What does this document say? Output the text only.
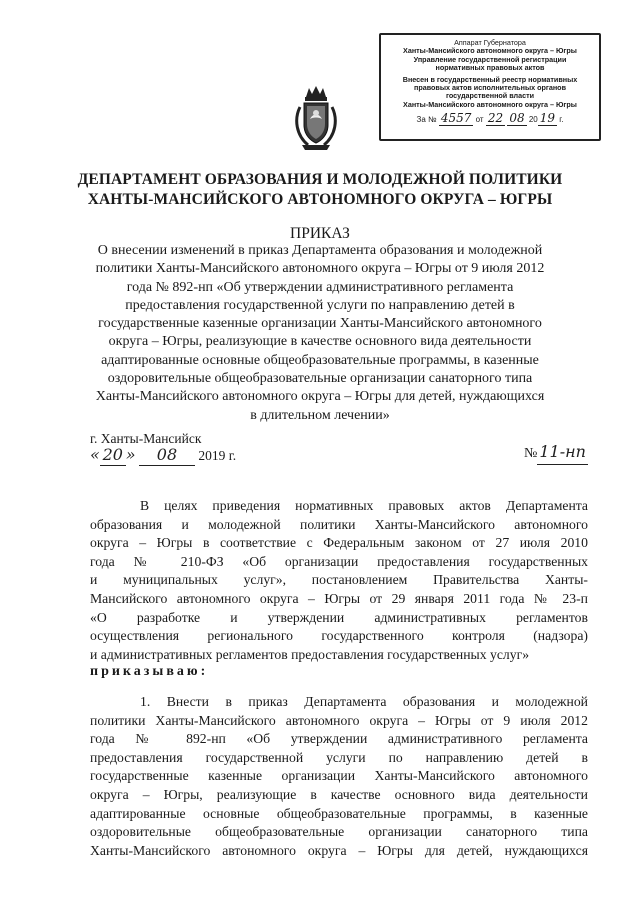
Аппарат Губернатора
Ханты-Мансийского автономного округа – Югры
Управление государственной регистрации
нормативных правовых актов
Внесен в государственный реестр нормативных
правовых актов исполнительных органов
государственной власти
Ханты-Мансийского автономного округа – Югры
За № 4557 от 22 08 20 19 г.
ДЕПАРТАМЕНТ ОБРАЗОВАНИЯ И МОЛОДЕЖНОЙ ПОЛИТИКИ
ХАНТЫ-МАНСИЙСКОГО АВТОНОМНОГО ОКРУГА – ЮГРЫ
ПРИКАЗ
О внесении изменений в приказ Департамента образования и молодежной
политики Ханты-Мансийского автономного округа – Югры от 9 июля 2012
года № 892-нп «Об утверждении административного регламента
предоставления государственной услуги по направлению детей в
государственные казенные организации Ханты-Мансийского автономного
округа – Югры, реализующие в качестве основного вида деятельности
адаптированные основные общеобразовательные программы, в казенные
оздоровительные общеобразовательные организации санаторного типа
Ханты-Мансийского автономного округа – Югры для детей, нуждающихся
в длительном лечении»
г. Ханты-Мансийск
« 20 » 08 2019 г.	№ 11-нп
В целях приведения нормативных правовых актов Департамента
образования и молодежной политики Ханты-Мансийского автономного
округа – Югры в соответствие с Федеральным законом от 27 июля 2010
года № 210-ФЗ «Об организации предоставления государственных
и муниципальных услуг», постановлением Правительства Ханты-
Мансийского автономного округа – Югры от 29 января 2011 года № 23-п
«О разработке и утверждении административных регламентов
осуществления регионального государственного контроля (надзора)
и административных регламентов предоставления государственных услуг»
приказываю:
1. Внести в приказ Департамента образования и молодежной
политики Ханты-Мансийского автономного округа – Югры от 9 июля 2012
года № 892-нп «Об утверждении административного регламента
предоставления государственной услуги по направлению детей в
государственные казенные организации Ханты-Мансийского автономного
округа – Югры, реализующие в качестве основного вида деятельности
адаптированные основные общеобразовательные программы, в казенные
оздоровительные общеобразовательные организации санаторного типа
Ханты-Мансийского автономного округа – Югры для детей, нуждающихся
